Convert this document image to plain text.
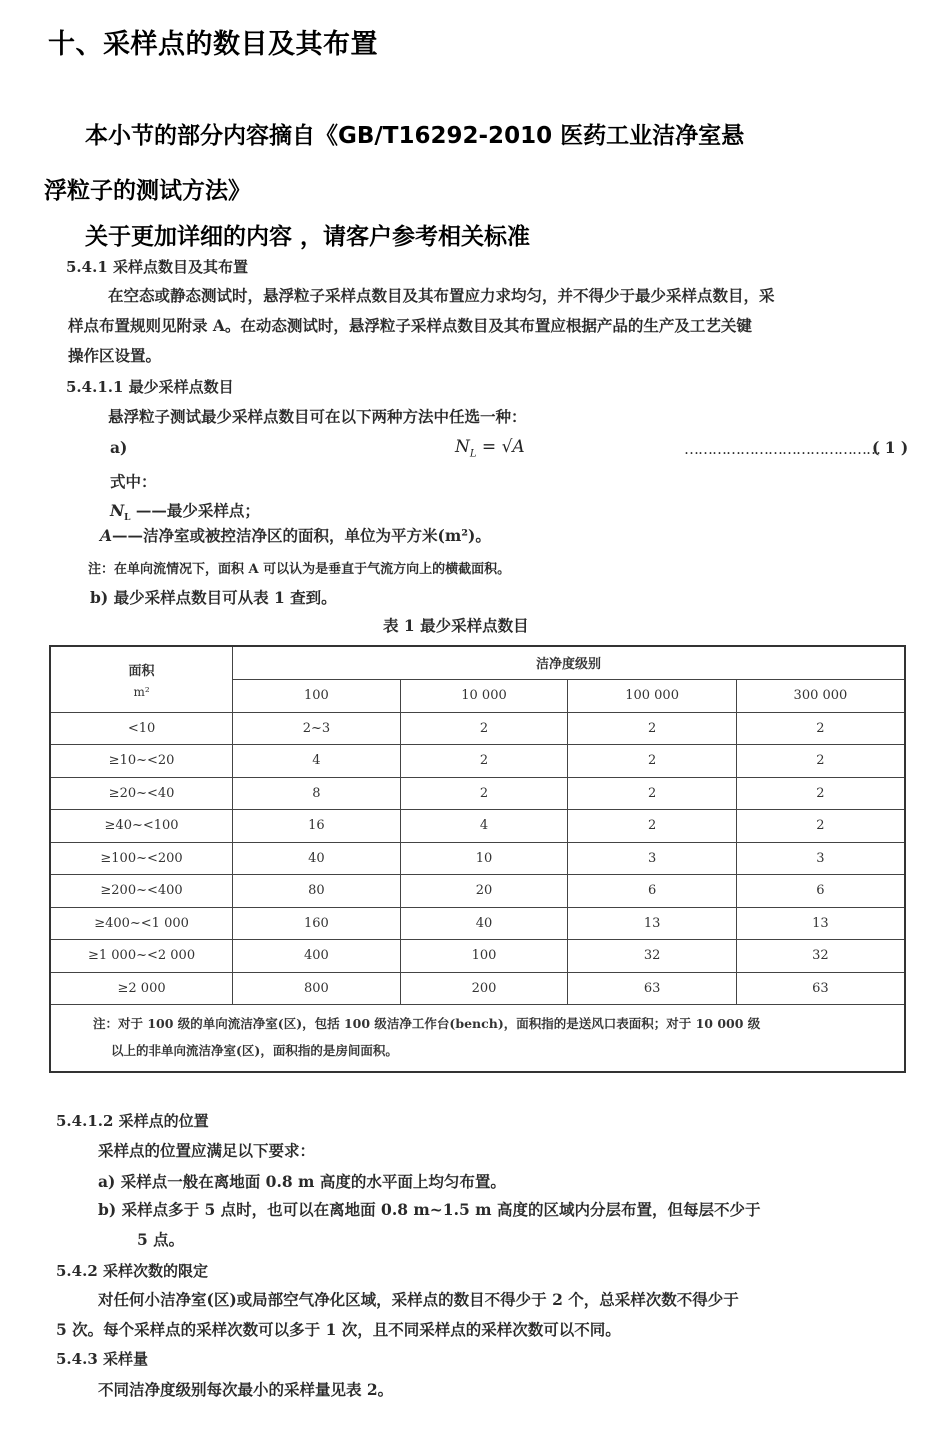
十、采样点的数目及其布置
本小节的部分内容摘自《GB/T16292-2010 医药工业洁净室悬
浮粒子的测试方法》
关于更加详细的内容 ，请客户参考相关标准
5.4.1 采样点数目及其布置
在空态或静态测试时，悬浮粒子采样点数目及其布置应力求均匀，并不得少于最少采样点数目，采
样点布置规则见附录 A。在动态测试时，悬浮粒子采样点数目及其布置应根据产品的生产及工艺关键
操作区设置。
5.4.1.1 最少采样点数目
悬浮粒子测试最少采样点数目可在以下两种方法中任选一种：
a)	$N_L = √A$	……………………………………
( 1 )
式中：
$N_L$ ——最少采样点；
A——洁净室或被控洁净区的面积，单位为平方米(m²)。
注：在单向流情况下，面积 A 可以认为是垂直于气流方向上的横截面积。
b) 最少采样点数目可从表 1 查到。
表 1 最少采样点数目
面积
m²	洁净度级别			
	100	10 000	100 000	300 000
<10	2~3	2	2	2
≥10~<20	4	2	2	2
≥20~<40	8	2	2	2
≥40~<100	16	4	2	2
≥100~<200	40	10	3	3
≥200~<400	80	20	6	6
≥400~<1 000	160	40	13	13
≥1 000~<2 000	400	100	32	32
≥2 000	800	200	63	63

注：对于 100 级的单向流洁净室(区)，包括 100 级洁净工作台(bench)，面积指的是送风口表面积；对于 10 000 级
以上的非单向流洁净室(区)，面积指的是房间面积。				
5.4.1.2 采样点的位置
采样点的位置应满足以下要求：
a) 采样点一般在离地面 0.8 m 高度的水平面上均匀布置。
b) 采样点多于 5 点时，也可以在离地面 0.8 m~1.5 m 高度的区域内分层布置，但每层不少于
5 点。
5.4.2 采样次数的限定
对任何小洁净室(区)或局部空气净化区域，采样点的数目不得少于 2 个，总采样次数不得少于
5 次。每个采样点的采样次数可以多于 1 次，且不同采样点的采样次数可以不同。
5.4.3 采样量
不同洁净度级别每次最小的采样量见表 2。
